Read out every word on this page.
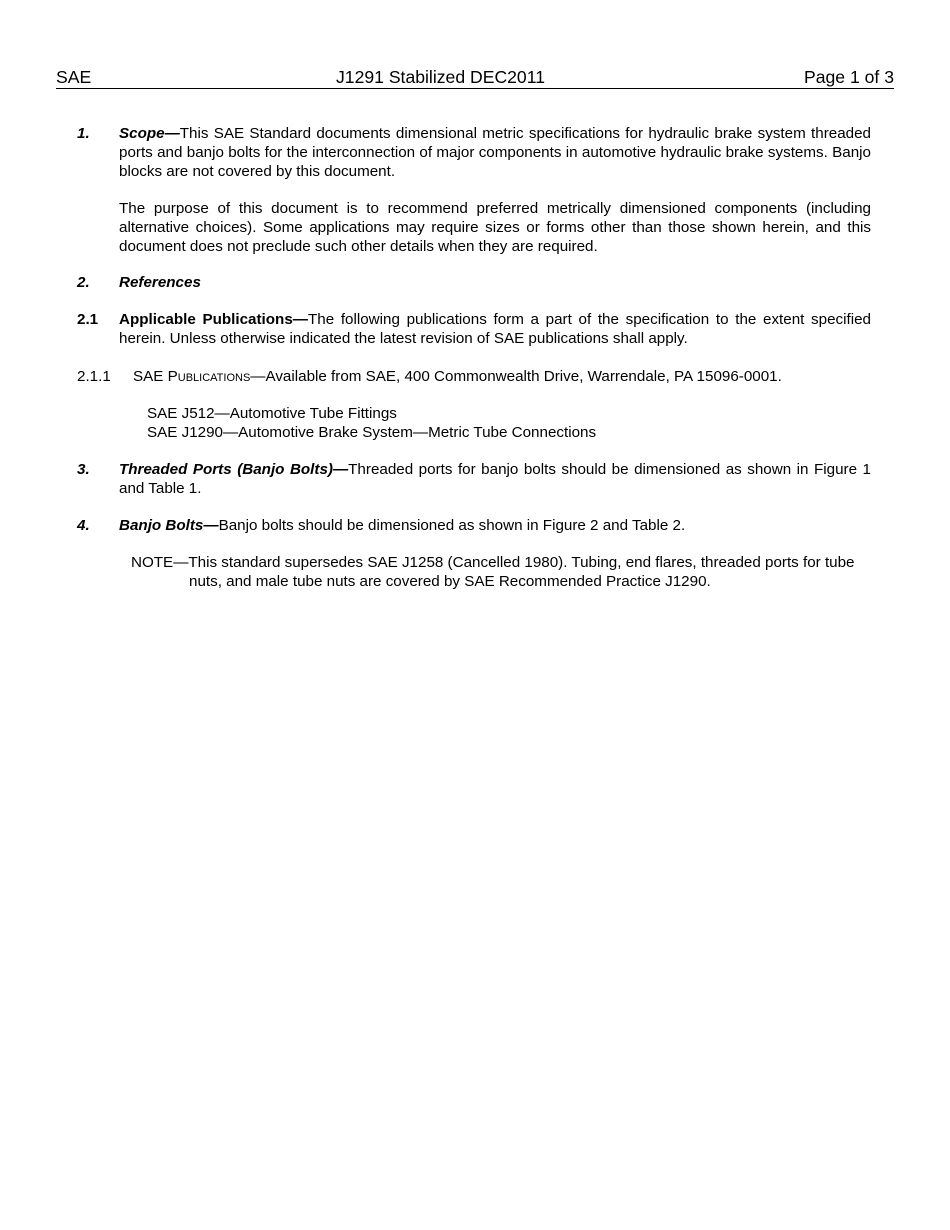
SAE	J1291 Stabilized DEC2011	Page 1 of 3
1. Scope—This SAE Standard documents dimensional metric specifications for hydraulic brake system threaded ports and banjo bolts for the interconnection of major components in automotive hydraulic brake systems. Banjo blocks are not covered by this document.
The purpose of this document is to recommend preferred metrically dimensioned components (including alternative choices). Some applications may require sizes or forms other than those shown herein, and this document does not preclude such other details when they are required.
2. References
2.1 Applicable Publications—The following publications form a part of the specification to the extent specified herein. Unless otherwise indicated the latest revision of SAE publications shall apply.
2.1.1 SAE Publications—Available from SAE, 400 Commonwealth Drive, Warrendale, PA 15096-0001.
SAE J512—Automotive Tube Fittings
SAE J1290—Automotive Brake System—Metric Tube Connections
3. Threaded Ports (Banjo Bolts)—Threaded ports for banjo bolts should be dimensioned as shown in Figure 1 and Table 1.
4. Banjo Bolts—Banjo bolts should be dimensioned as shown in Figure 2 and Table 2.
NOTE—This standard supersedes SAE J1258 (Cancelled 1980). Tubing, end flares, threaded ports for tube nuts, and male tube nuts are covered by SAE Recommended Practice J1290.
